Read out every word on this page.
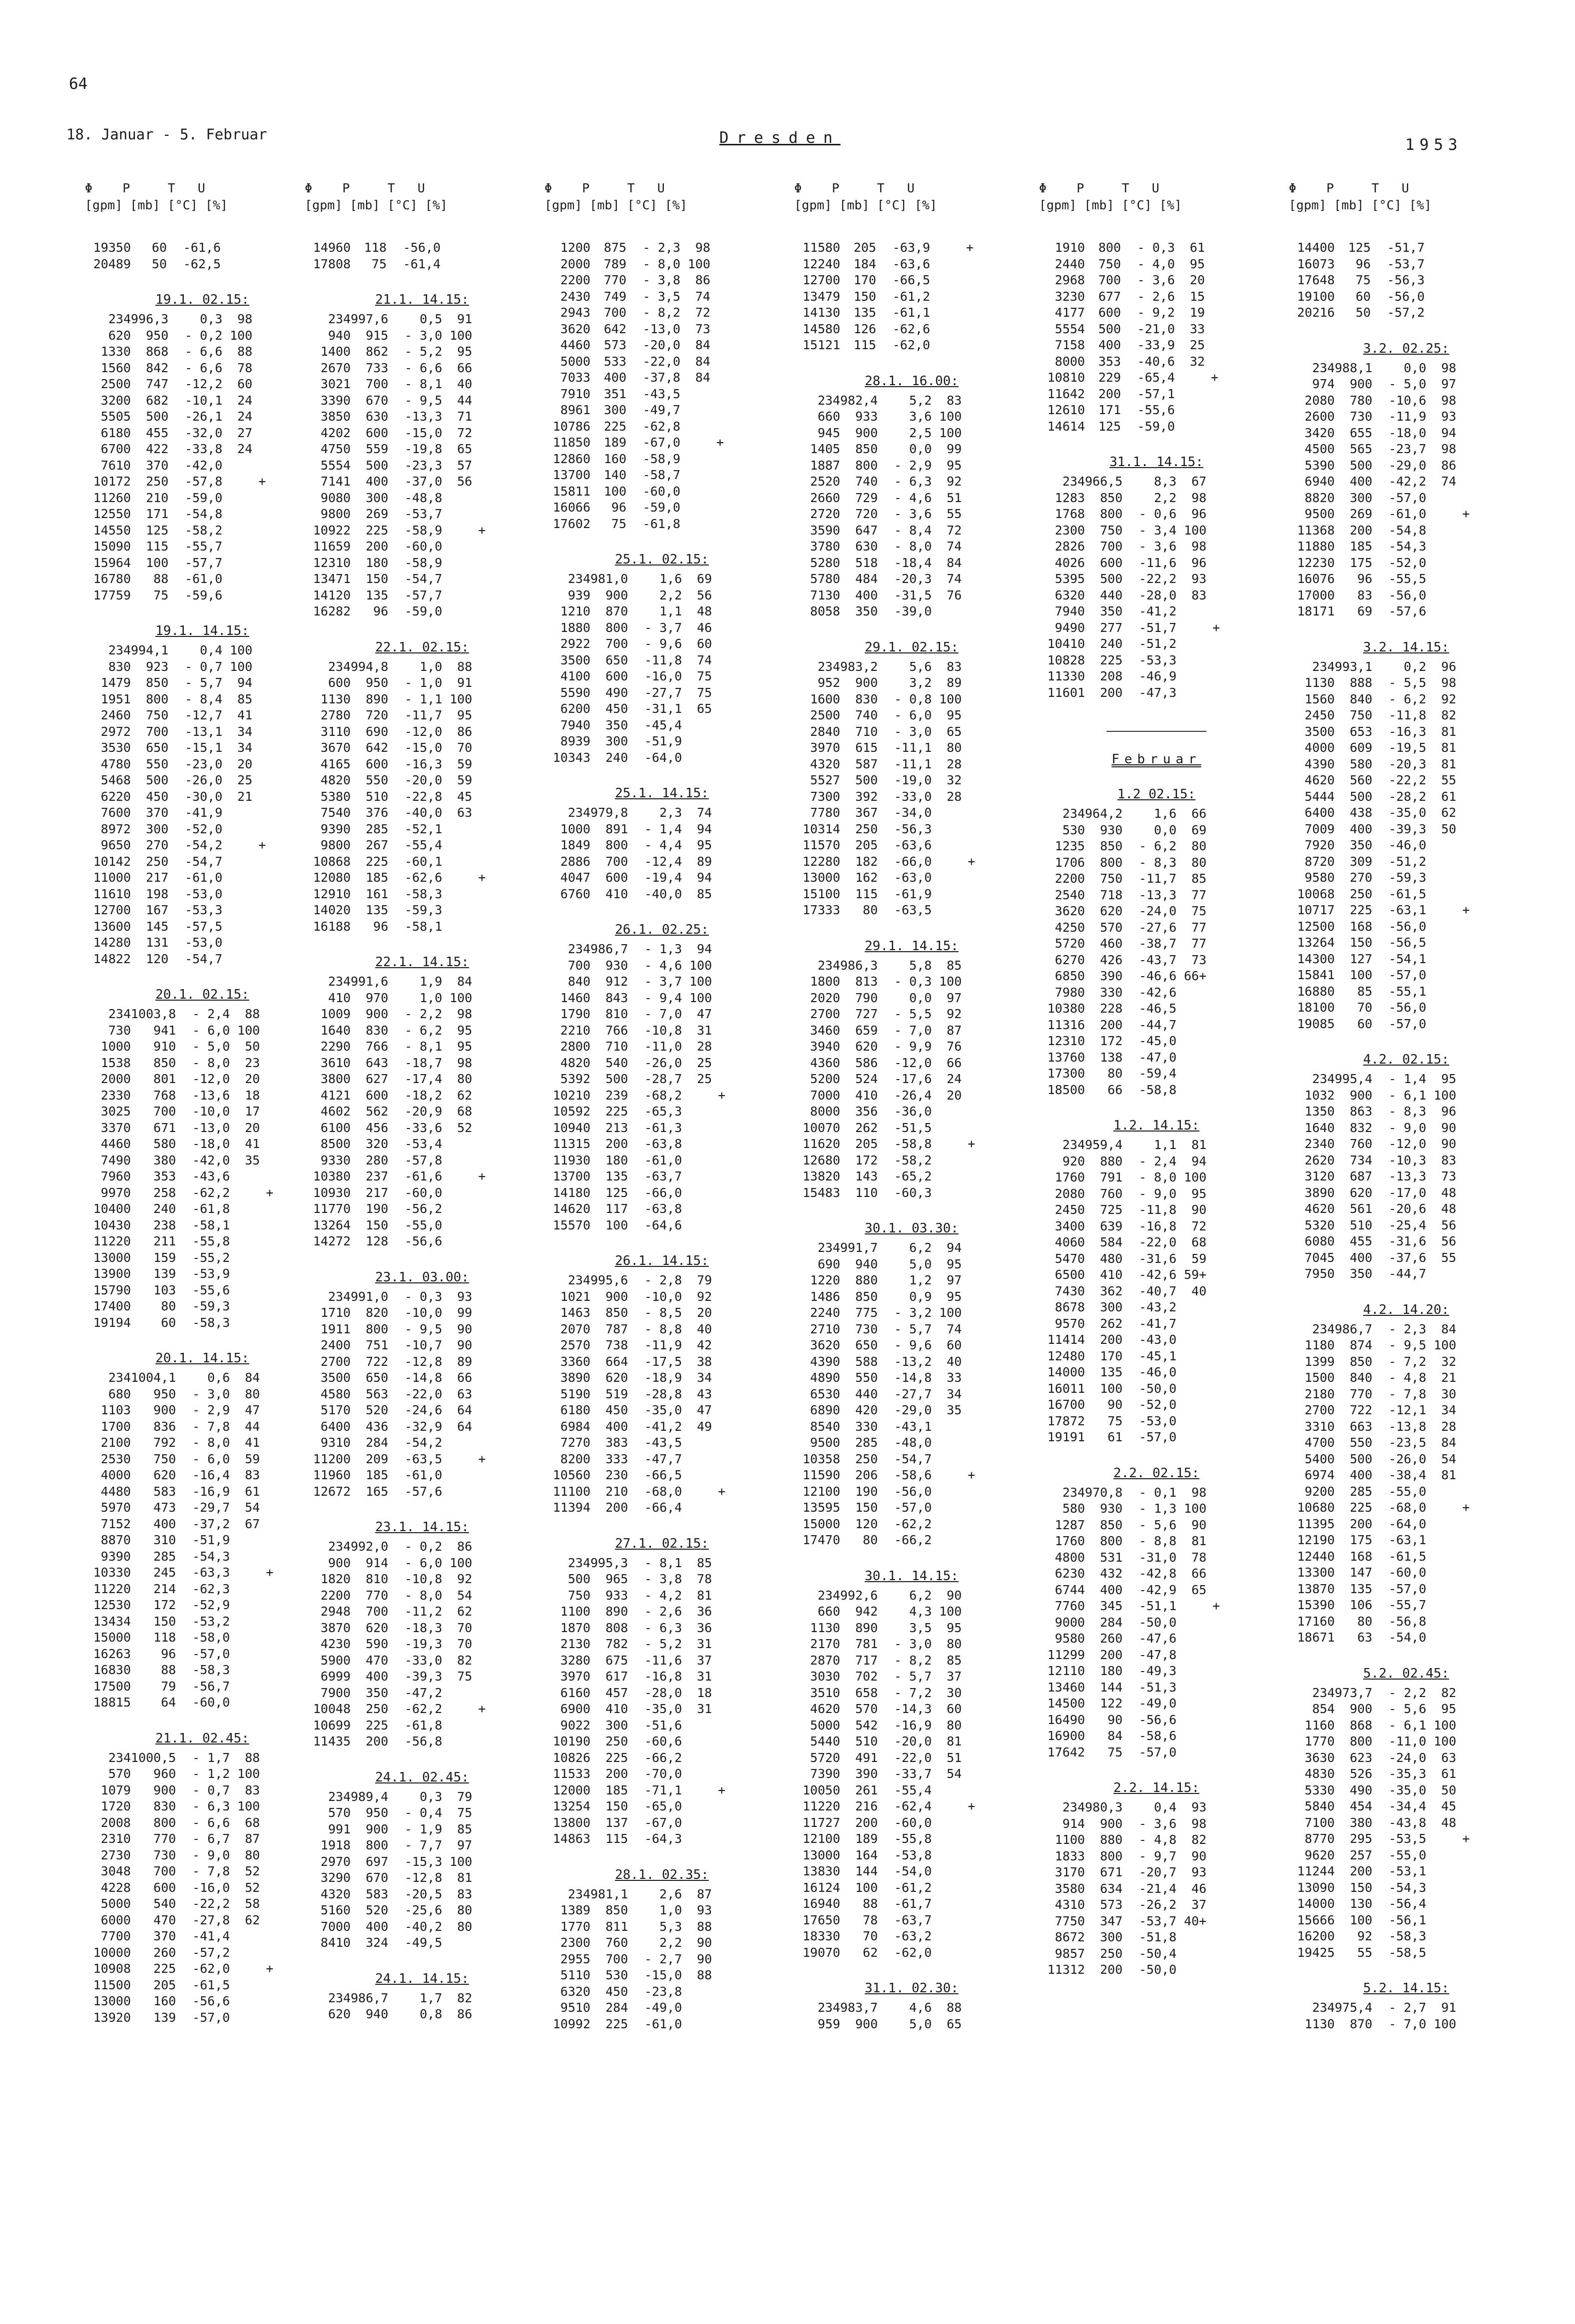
64
18. Januar - 5. Februar	Dresden	1953
Φ    P     T   U
[gpm] [mb] [°C] [%]
19350	60	-61,6		
20489	50	-62,5		
19.1. 02.15:
234	996,3	0,3	98	
620	950	- 0,2	100	
1330	868	- 6,6	88	
1560	842	- 6,6	78	
2500	747	-12,2	60	
3200	682	-10,1	24	
5505	500	-26,1	24	
6180	455	-32,0	27	
6700	422	-33,8	24	
7610	370	-42,0		
10172	250	-57,8		+
11260	210	-59,0		
12550	171	-54,8		
14550	125	-58,2		
15090	115	-55,7		
15964	100	-57,7		
16780	88	-61,0		
17759	75	-59,6		
19.1. 14.15:
234	994,1	0,4	100	
830	923	- 0,7	100	
1479	850	- 5,7	94	
1951	800	- 8,4	85	
2460	750	-12,7	41	
2972	700	-13,1	34	
3530	650	-15,1	34	
4780	550	-23,0	20	
5468	500	-26,0	25	
6220	450	-30,0	21	
7600	370	-41,9		
8972	300	-52,0		
9650	270	-54,2		+
10142	250	-54,7		
11000	217	-61,0		
11610	198	-53,0		
12700	167	-53,3		
13600	145	-57,5		
14280	131	-53,0		
14822	120	-54,7		
20.1. 02.15:
234	1003,8	- 2,4	88	
730	941	- 6,0	100	
1000	910	- 5,0	50	
1538	850	- 8,0	23	
2000	801	-12,0	20	
2330	768	-13,6	18	
3025	700	-10,0	17	
3370	671	-13,0	20	
4460	580	-18,0	41	
7490	380	-42,0	35	
7960	353	-43,6		
9970	258	-62,2		+
10400	240	-61,8		
10430	238	-58,1		
11220	211	-55,8		
13000	159	-55,2		
13900	139	-53,9		
15790	103	-55,6		
17400	80	-59,3		
19194	60	-58,3		
20.1. 14.15:
234	1004,1	0,6	84	
680	950	- 3,0	80	
1103	900	- 2,9	47	
1700	836	- 7,8	44	
2100	792	- 8,0	41	
2530	750	- 6,0	59	
4000	620	-16,4	83	
4480	583	-16,9	61	
5970	473	-29,7	54	
7152	400	-37,2	67	
8870	310	-51,9		
9390	285	-54,3		
10330	245	-63,3		+
11220	214	-62,3		
12530	172	-52,9		
13434	150	-53,2		
15000	118	-58,0		
16263	96	-57,0		
16830	88	-58,3		
17500	79	-56,7		
18815	64	-60,0		
21.1. 02.45:
234	1000,5	- 1,7	88	
570	960	- 1,2	100	
1079	900	- 0,7	83	
1720	830	- 6,3	100	
2008	800	- 6,6	68	
2310	770	- 6,7	87	
2730	730	- 9,0	80	
3048	700	- 7,8	52	
4228	600	-16,0	52	
5000	540	-22,2	58	
6000	470	-27,8	62	
7700	370	-41,4		
10000	260	-57,2		
10908	225	-62,0		+
11500	205	-61,5		
13000	160	-56,6		
13920	139	-57,0		
Φ    P     T   U
[gpm] [mb] [°C] [%]
14960	118	-56,0		
17808	75	-61,4		
21.1. 14.15:
234	997,6	0,5	91	
940	915	- 3,0	100	
1400	862	- 5,2	95	
2670	733	- 6,6	66	
3021	700	- 8,1	40	
3390	670	- 9,5	44	
3850	630	-13,3	71	
4202	600	-15,0	72	
4750	559	-19,8	65	
5554	500	-23,3	57	
7141	400	-37,0	56	
9080	300	-48,8		
9800	269	-53,7		
10922	225	-58,9		+
11659	200	-60,0		
12310	180	-58,9		
13471	150	-54,7		
14120	135	-57,7		
16282	96	-59,0		
22.1. 02.15:
234	994,8	1,0	88	
600	950	- 1,0	91	
1130	890	- 1,1	100	
2780	720	-11,7	95	
3110	690	-12,0	86	
3670	642	-15,0	70	
4165	600	-16,3	59	
4820	550	-20,0	59	
5380	510	-22,8	45	
7540	376	-40,0	63	
9390	285	-52,1		
9800	267	-55,4		
10868	225	-60,1		
12080	185	-62,6		+
12910	161	-58,3		
14020	135	-59,3		
16188	96	-58,1		
22.1. 14.15:
234	991,6	1,9	84	
410	970	1,0	100	
1009	900	- 2,2	98	
1640	830	- 6,2	95	
2290	766	- 8,1	95	
3610	643	-18,7	98	
3800	627	-17,4	80	
4121	600	-18,2	62	
4602	562	-20,9	68	
6100	456	-33,6	52	
8500	320	-53,4		
9330	280	-57,8		
10380	237	-61,6		+
10930	217	-60,0		
11770	190	-56,2		
13264	150	-55,0		
14272	128	-56,6		
23.1. 03.00:
234	991,0	- 0,3	93	
1710	820	-10,0	99	
1911	800	- 9,5	90	
2400	751	-10,7	90	
2700	722	-12,8	89	
3500	650	-14,8	66	
4580	563	-22,0	63	
5170	520	-24,6	64	
6400	436	-32,9	64	
9310	284	-54,2		
11200	209	-63,5		+
11960	185	-61,0		
12672	165	-57,6		
23.1. 14.15:
234	992,0	- 0,2	86	
900	914	- 6,0	100	
1820	810	-10,8	92	
2200	770	- 8,0	54	
2948	700	-11,2	62	
3870	620	-18,3	70	
4230	590	-19,3	70	
5900	470	-33,0	82	
6999	400	-39,3	75	
7900	350	-47,2		
10048	250	-62,2		+
10699	225	-61,8		
11435	200	-56,8		
24.1. 02.45:
234	989,4	0,3	79	
570	950	- 0,4	75	
991	900	- 1,9	85	
1918	800	- 7,7	97	
2970	697	-15,3	100	
3290	670	-12,8	81	
4320	583	-20,5	83	
5160	520	-25,6	80	
7000	400	-40,2	80	
8410	324	-49,5		
24.1. 14.15:
234	986,7	1,7	82	
620	940	0,8	86	
Φ    P     T   U
[gpm] [mb] [°C] [%]
1200	875	- 2,3	98	
2000	789	- 8,0	100	
2200	770	- 3,8	86	
2430	749	- 3,5	74	
2943	700	- 8,2	72	
3620	642	-13,0	73	
4460	573	-20,0	84	
5000	533	-22,0	84	
7033	400	-37,8	84	
7910	351	-43,5		
8961	300	-49,7		
10786	225	-62,8		
11850	189	-67,0		+
12860	160	-58,9		
13700	140	-58,7		
15811	100	-60,0		
16066	96	-59,0		
17602	75	-61,8		
25.1. 02.15:
234	981,0	1,6	69	
939	900	2,2	56	
1210	870	1,1	48	
1880	800	- 3,7	46	
2922	700	- 9,6	60	
3500	650	-11,8	74	
4100	600	-16,0	75	
5590	490	-27,7	75	
6200	450	-31,1	65	
7940	350	-45,4		
8939	300	-51,9		
10343	240	-64,0		
25.1. 14.15:
234	979,8	2,3	74	
1000	891	- 1,4	94	
1849	800	- 4,4	95	
2886	700	-12,4	89	
4047	600	-19,4	94	
6760	410	-40,0	85	
26.1. 02.25:
234	986,7	- 1,3	94	
700	930	- 4,6	100	
840	912	- 3,7	100	
1460	843	- 9,4	100	
1790	810	- 7,0	47	
2210	766	-10,8	31	
2800	710	-11,0	28	
4820	540	-26,0	25	
5392	500	-28,7	25	
10210	239	-68,2		+
10592	225	-65,3		
10940	213	-61,3		
11315	200	-63,8		
11930	180	-61,0		
13700	135	-63,7		
14180	125	-66,0		
14620	117	-63,8		
15570	100	-64,6		
26.1. 14.15:
234	995,6	- 2,8	79	
1021	900	-10,0	92	
1463	850	- 8,5	20	
2070	787	- 8,8	40	
2570	738	-11,9	42	
3360	664	-17,5	38	
3890	620	-18,9	34	
5190	519	-28,8	43	
6180	450	-35,0	47	
6984	400	-41,2	49	
7270	383	-43,5		
8200	333	-47,7		
10560	230	-66,5		
11100	210	-68,0		+
11394	200	-66,4		
27.1. 02.15:
234	995,3	- 8,1	85	
500	965	- 3,8	78	
750	933	- 4,2	81	
1100	890	- 2,6	36	
1870	808	- 6,3	36	
2130	782	- 5,2	31	
3280	675	-11,6	37	
3970	617	-16,8	31	
6160	457	-28,0	18	
6900	410	-35,0	31	
9022	300	-51,6		
10190	250	-60,6		
10826	225	-66,2		
11533	200	-70,0		
12000	185	-71,1		+
13254	150	-65,0		
13800	137	-67,0		
14863	115	-64,3		
28.1. 02.35:
234	981,1	2,6	87	
1389	850	1,0	93	
1770	811	5,3	88	
2300	760	2,2	90	
2955	700	- 2,7	90	
5110	530	-15,0	88	
6320	450	-23,8		
9510	284	-49,0		
10992	225	-61,0		
Φ    P     T   U
[gpm] [mb] [°C] [%]
11580	205	-63,9		+
12240	184	-63,6		
12700	170	-66,5		
13479	150	-61,2		
14130	135	-61,1		
14580	126	-62,6		
15121	115	-62,0		
28.1. 16.00:
234	982,4	5,2	83	
660	933	3,6	100	
945	900	2,5	100	
1405	850	0,0	99	
1887	800	- 2,9	95	
2520	740	- 6,3	92	
2660	729	- 4,6	51	
2720	720	- 3,6	55	
3590	647	- 8,4	72	
3780	630	- 8,0	74	
5280	518	-18,4	84	
5780	484	-20,3	74	
7130	400	-31,5	76	
8058	350	-39,0		
29.1. 02.15:
234	983,2	5,6	83	
952	900	3,2	89	
1600	830	- 0,8	100	
2500	740	- 6,0	95	
2840	710	- 3,0	65	
3970	615	-11,1	80	
4320	587	-11,1	28	
5527	500	-19,0	32	
7300	392	-33,0	28	
7780	367	-34,0		
10314	250	-56,3		
11570	205	-63,6		
12280	182	-66,0		+
13000	162	-63,0		
15100	115	-61,9		
17333	80	-63,5		
29.1. 14.15:
234	986,3	5,8	85	
1800	813	- 0,3	100	
2020	790	0,0	97	
2700	727	- 5,5	92	
3460	659	- 7,0	87	
3940	620	- 9,9	76	
4360	586	-12,0	66	
5200	524	-17,6	24	
7000	410	-26,4	20	
8000	356	-36,0		
10070	262	-51,5		
11620	205	-58,8		+
12680	172	-58,2		
13820	143	-65,2		
15483	110	-60,3		
30.1. 03.30:
234	991,7	6,2	94	
690	940	5,0	95	
1220	880	1,2	97	
1486	850	0,9	95	
2240	775	- 3,2	100	
2710	730	- 5,7	74	
3620	650	- 9,6	60	
4390	588	-13,2	40	
4890	550	-14,8	33	
6530	440	-27,7	34	
6890	420	-29,0	35	
8540	330	-43,1		
9500	285	-48,0		
10358	250	-54,7		
11590	206	-58,6		+
12100	190	-56,0		
13595	150	-57,0		
15000	120	-62,2		
17470	80	-66,2		
30.1. 14.15:
234	992,6	6,2	90	
660	942	4,3	100	
1130	890	3,5	95	
2170	781	- 3,0	80	
2870	717	- 8,2	85	
3030	702	- 5,7	37	
3510	658	- 7,2	30	
4620	570	-14,3	60	
5000	542	-16,9	80	
5440	510	-20,0	81	
5720	491	-22,0	51	
7390	390	-33,7	54	
10050	261	-55,4		
11220	216	-62,4		+
11727	200	-60,0		
12100	189	-55,8		
13000	164	-53,8		
13830	144	-54,0		
16124	100	-61,2		
16940	88	-61,7		
17650	78	-63,7		
18330	70	-63,2		
19070	62	-62,0		
31.1. 02.30:
234	983,7	4,6	88	
959	900	5,0	65	
Φ    P     T   U
[gpm] [mb] [°C] [%]
1910	800	- 0,3	61	
2440	750	- 4,0	95	
2968	700	- 3,6	20	
3230	677	- 2,6	15	
4177	600	- 9,2	19	
5554	500	-21,0	33	
7158	400	-33,9	25	
8000	353	-40,6	32	
10810	229	-65,4		+
11642	200	-57,1		
12610	171	-55,6		
14614	125	-59,0		
31.1. 14.15:
234	966,5	8,3	67	
1283	850	2,2	98	
1768	800	- 0,6	96	
2300	750	- 3,4	100	
2826	700	- 3,6	98	
4026	600	-11,6	96	
5395	500	-22,2	93	
6320	440	-28,0	83	
7940	350	-41,2		
9490	277	-51,7		+
10410	240	-51,2		
10828	225	-53,3		
11330	208	-46,9		
11601	200	-47,3		
Februar
1.2 02.15:
234	964,2	1,6	66	
530	930	0,0	69	
1235	850	- 6,2	80	
1706	800	- 8,3	80	
2200	750	-11,7	85	
2540	718	-13,3	77	
3620	620	-24,0	75	
4250	570	-27,6	77	
5720	460	-38,7	77	
6270	426	-43,7	73	
6850	390	-46,6	66+	
7980	330	-42,6		
10380	228	-46,5		
11316	200	-44,7		
12310	172	-45,0		
13760	138	-47,0		
17300	80	-59,4		
18500	66	-58,8		
1.2. 14.15:
234	959,4	1,1	81	
920	880	- 2,4	94	
1760	791	- 8,0	100	
2080	760	- 9,0	95	
2450	725	-11,8	90	
3400	639	-16,8	72	
4060	584	-22,0	68	
5470	480	-31,6	59	
6500	410	-42,6	59+	
7430	362	-40,7	40	
8678	300	-43,2		
9570	262	-41,7		
11414	200	-43,0		
12480	170	-45,1		
14000	135	-46,0		
16011	100	-50,0		
16700	90	-52,0		
17872	75	-53,0		
19191	61	-57,0		
2.2. 02.15:
234	970,8	- 0,1	98	
580	930	- 1,3	100	
1287	850	- 5,6	90	
1760	800	- 8,8	81	
4800	531	-31,0	78	
6230	432	-42,8	66	
6744	400	-42,9	65	
7760	345	-51,1		+
9000	284	-50,0		
9580	260	-47,6		
11299	200	-47,8		
12110	180	-49,3		
13460	144	-51,3		
14500	122	-49,0		
16490	90	-56,6		
16900	84	-58,6		
17642	75	-57,0		
2.2. 14.15:
234	980,3	0,4	93	
914	900	- 3,6	98	
1100	880	- 4,8	82	
1833	800	- 9,7	90	
3170	671	-20,7	93	
3580	634	-21,4	46	
4310	573	-26,2	37	
7750	347	-53,7	40+	
8672	300	-51,8		
9857	250	-50,4		
11312	200	-50,0		
Φ    P     T   U
[gpm] [mb] [°C] [%]
14400	125	-51,7		
16073	96	-53,7		
17648	75	-56,3		
19100	60	-56,0		
20216	50	-57,2		
3.2. 02.25:
234	988,1	0,0	98	
974	900	- 5,0	97	
2080	780	-10,6	98	
2600	730	-11,9	93	
3420	655	-18,0	94	
4500	565	-23,7	98	
5390	500	-29,0	86	
6940	400	-42,2	74	
8820	300	-57,0		
9500	269	-61,0		+
11368	200	-54,8		
11880	185	-54,3		
12230	175	-52,0		
16076	96	-55,5		
17000	83	-56,0		
18171	69	-57,6		
3.2. 14.15:
234	993,1	0,2	96	
1130	888	- 5,5	98	
1560	840	- 6,2	92	
2450	750	-11,8	82	
3500	653	-16,3	81	
4000	609	-19,5	81	
4390	580	-20,3	81	
4620	560	-22,2	55	
5444	500	-28,2	61	
6400	438	-35,0	62	
7009	400	-39,3	50	
7920	350	-46,0		
8720	309	-51,2		
9580	270	-59,3		
10068	250	-61,5		
10717	225	-63,1		+
12500	168	-56,0		
13264	150	-56,5		
14300	127	-54,1		
15841	100	-57,0		
16880	85	-55,1		
18100	70	-56,0		
19085	60	-57,0		
4.2. 02.15:
234	995,4	- 1,4	95	
1032	900	- 6,1	100	
1350	863	- 8,3	96	
1640	832	- 9,0	90	
2340	760	-12,0	90	
2620	734	-10,3	83	
3120	687	-13,3	73	
3890	620	-17,0	48	
4620	561	-20,6	48	
5320	510	-25,4	56	
6080	455	-31,6	56	
7045	400	-37,6	55	
7950	350	-44,7		
4.2. 14.20:
234	986,7	- 2,3	84	
1180	874	- 9,5	100	
1399	850	- 7,2	32	
1500	840	- 4,8	21	
2180	770	- 7,8	30	
2700	722	-12,1	34	
3310	663	-13,8	28	
4700	550	-23,5	84	
5400	500	-26,0	54	
6974	400	-38,4	81	
9200	285	-55,0		
10680	225	-68,0		+
11395	200	-64,0		
12190	175	-63,1		
12440	168	-61,5		
13300	147	-60,0		
13870	135	-57,0		
15390	106	-55,7		
17160	80	-56,8		
18671	63	-54,0		
5.2. 02.45:
234	973,7	- 2,2	82	
854	900	- 5,6	95	
1160	868	- 6,1	100	
1770	800	-11,0	100	
3630	623	-24,0	63	
4830	526	-35,3	61	
5330	490	-35,0	50	
5840	454	-34,4	45	
7100	380	-43,8	48	
8770	295	-53,5		+
9620	257	-55,0		
11244	200	-53,1		
13090	150	-54,3		
14000	130	-56,4		
15666	100	-56,1		
16200	92	-58,3		
19425	55	-58,5		
5.2. 14.15:
234	975,4	- 2,7	91	
1130	870	- 7,0	100	
